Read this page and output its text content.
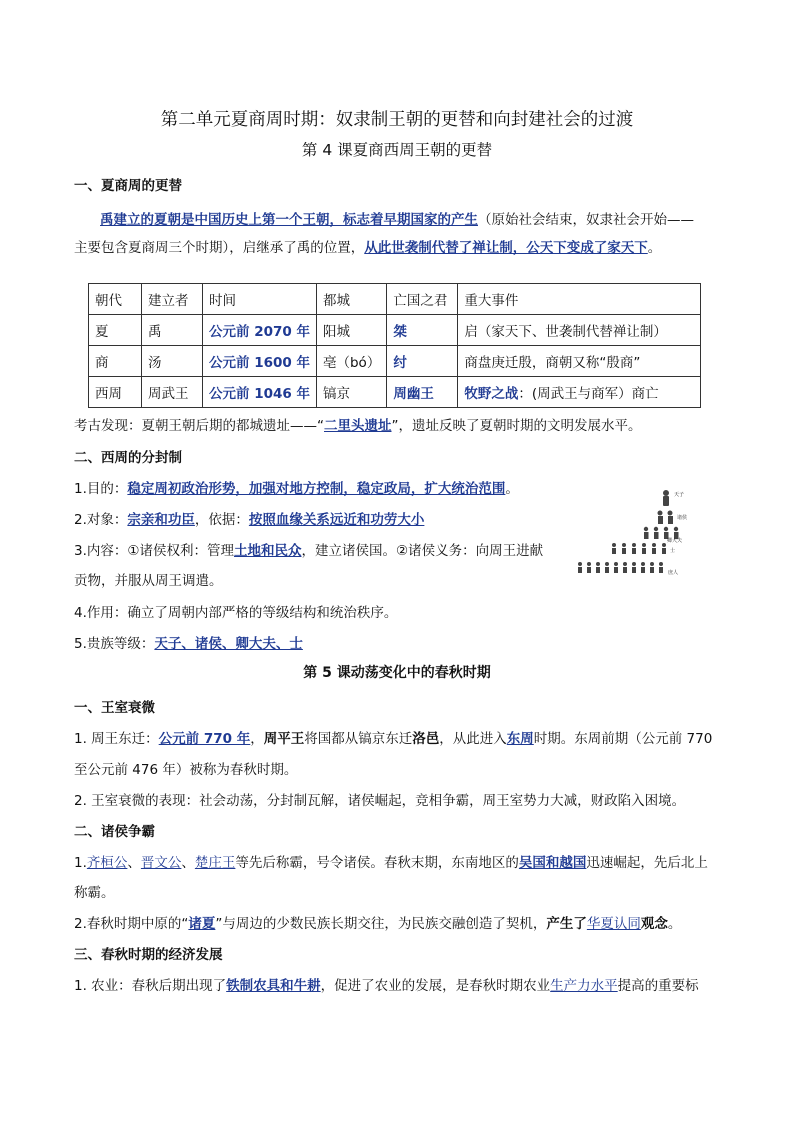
第二单元夏商周时期：奴隶制王朝的更替和向封建社会的过渡
第 4 课夏商西周王朝的更替
一、夏商周的更替
禹建立的夏朝是中国历史上第一个王朝，标志着早期国家的产生（原始社会结束，奴隶社会开始——
主要包含夏商周三个时期），启继承了禹的位置，从此世袭制代替了禅让制，公天下变成了家天下。
朝代	建立者	时间	都城	亡国之君	重大事件
夏	禹	公元前 2070 年	阳城	桀	启（家天下、世袭制代替禅让制）
商	汤	公元前 1600 年	亳（bó）	纣	商盘庚迁殷，商朝又称“殷商”
西周	周武王	公元前 1046 年	镐京	周幽王	牧野之战：(周武王与商军）商亡
考古发现：夏朝王朝后期的都城遗址——“二里头遗址”，遗址反映了夏朝时期的文明发展水平。
二、西周的分封制
1.目的：稳定周初政治形势，加强对地方控制，稳定政局，扩大统治范围。
2.对象：宗亲和功臣，依据：按照血缘关系远近和功劳大小
3.内容：①诸侯权利：管理土地和民众，建立诸侯国。②诸侯义务：向周王进献
贡物，并服从周王调遣。
4.作用：确立了周朝内部严格的等级结构和统治秩序。
5.贵族等级：天子、诸侯、卿大夫、士
天子
诸侯
卿大夫
士
庶人
第 5 课动荡变化中的春秋时期
一、王室衰微
1. 周王东迁：公元前 770 年，周平王将国都从镐京东迁洛邑，从此进入东周时期。东周前期（公元前 770
至公元前 476 年）被称为春秋时期。
2. 王室衰微的表现：社会动荡，分封制瓦解，诸侯崛起，竞相争霸，周王室势力大减，财政陷入困境。
二、诸侯争霸
1.齐桓公、晋文公、楚庄王等先后称霸，号令诸侯。春秋末期，东南地区的吴国和越国迅速崛起，先后北上
称霸。
2.春秋时期中原的“诸夏”与周边的少数民族长期交往，为民族交融创造了契机，产生了华夏认同观念。
三、春秋时期的经济发展
1. 农业：春秋后期出现了铁制农具和牛耕，促进了农业的发展，是春秋时期农业生产力水平提高的重要标
